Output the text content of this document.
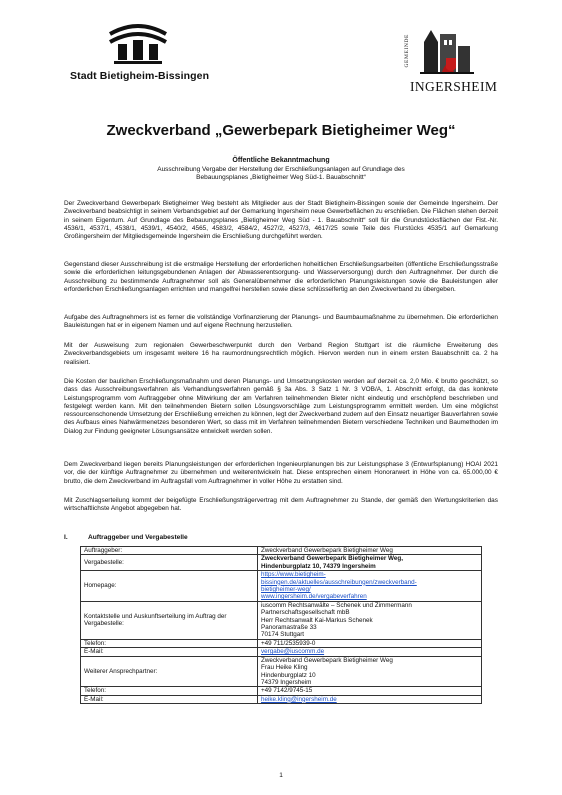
Stadt Bietigheim-Bissingen
GEMEINDE
INGERSHEIM
Zweckverband „Gewerbepark Bietigheimer Weg“
Öffentliche Bekanntmachung
Ausschreibung Vergabe der Herstellung der Erschließungsanlagen auf Grundlage des
Bebauungsplanes „Bietigheimer Weg Süd-1. Bauabschnitt“

Der Zweckverband Gewerbepark Bietigheimer Weg besteht als Mitglieder aus der Stadt Bietigheim-Bissingen sowie der Gemeinde Ingersheim. Der Zweckverband beabsichtigt in seinem Verbandsgebiet auf der Gemarkung Ingersheim neue Gewerbeflächen zu erschließen. Die Flächen stehen derzeit in seinem Eigentum. Auf Grundlage des Bebauungsplanes „Bietigheimer Weg Süd - 1. Bauabschnitt“ soll für die Grundstücksflächen der Flst.-Nr. 4536/1, 4537/1, 4538/1, 4539/1, 4540/2, 4565, 4583/2, 4584/2, 4527/2, 4527/3, 4617/25 sowie Teile des Flurstücks 4535/1 auf Gemarkung Großingersheim der Mitgliedsgemeinde Ingersheim die Erschließung durchgeführt werden.

Gegenstand dieser Ausschreibung ist die erstmalige Herstellung der erforderlichen hoheitlichen Erschließungsarbeiten (öffentliche Erschließungsstraße sowie die erforderlichen leitungsgebundenen Anlagen der Abwasserentsorgung- und Wasserversorgung) durch den Auftragnehmer. Der durch die Ausschreibung zu bestimmende Auftragnehmer soll als Generalübernehmer die erforderlichen Planungsleistungen sowie die Bauleistungen aller erforderlichen Erschließungsanlagen errichten und mangelfrei herstellen sowie diese schlüsselfertig an den Zweckverband zu übergeben.

Aufgabe des Auftragnehmers ist es ferner die vollständige Vorfinanzierung der Planungs- und Baumbaumaßnahme zu übernehmen. Die erforderlichen Bauleistungen hat er in eigenem Namen und auf eigene Rechnung herzustellen.

Mit der Ausweisung zum regionalen Gewerbeschwerpunkt durch den Verband Region Stuttgart ist die räumliche Erweiterung des Zweckverbandsgebiets um insgesamt weitere 16 ha raumordnungsrechtlich möglich. Hiervon werden nun in einem ersten Bauabschnitt ca. 2 ha realisiert.

Die Kosten der baulichen Erschließungsmaßnahm und deren Planungs- und Umsetzungskosten werden auf derzeit ca. 2,0 Mio. € brutto geschätzt, so dass das Ausschreibungsverfahren als Verhandlungsverfahren gemäß § 3a Abs. 3 Satz 1 Nr. 3 VOB/A, 1. Abschnitt erfolgt, da das konkrete Leistungsprogramm vom Auftraggeber ohne Mitwirkung der am Verfahren teilnehmenden Bieter nicht eindeutig und erschöpfend beschrieben und festgelegt werden kann. Mit den teilnehmenden Bietern sollen Lösungsvorschläge zum Leistungsprogramm ermittelt werden. Um eine möglichst ressourcenschonende Umsetzung der Erschließung erreichen zu können, legt der Zweckverband zudem auf den Einsatz neuartiger Bauverfahren sowie des Aufbaus eines Nahwärmenetzes besonderen Wert, so dass mit im Verfahren teilnehmenden Bietern verschiedene Techniken und Baumethoden im Dialog zur Findung geeigneter Lösungsansätze entwickelt werden sollen.

Dem Zweckverband liegen bereits Planungsleistungen der erforderlichen Ingenieurplanungen bis zur Leistungsphase 3 (Entwurfsplanung) HOAI 2021 vor, die der künftige Auftragnehmer zu übernehmen und weiterentwickeln hat. Diese entsprechen einem Honorarwert in Höhe von ca. 65.000,00 € brutto, die dem Zweckverband im Auftragsfall vom Auftragnehmer in voller Höhe zu erstatten sind.

Mit Zuschlagserteilung kommt der beigefügte Erschließungsträgervertrag mit dem Auftragnehmer zu Stande, der gemäß den Wertungskriterien das wirtschaftlichste Angebot abgegeben hat.

I.	Auftraggeber und Vergabestelle
Auftraggeber:	Zweckverband Gewerbepark Bietigheimer Weg

Vergabestelle:	Zweckverband Gewerbepark Bietigheimer Weg,
Hindenburgplatz 10, 74379 Ingersheim

Homepage:	https://www.bietigheim-
bissingen.de/aktuelles/ausschreibungen/zweckverband-
bietigheimer-weg/
www.ingersheim.de/vergabeverfahren

Kontaktstelle und Auskunftserteilung im Auftrag der Vergabestelle:	iuscomm Rechtsanwälte – Schenek und Zimmermann
Partnerschaftsgesellschaft mbB
Herr Rechtsanwalt Kai-Markus Schenek
Panoramastraße 33
70174 Stuttgart

Telefon:	+49 711/2535939-0

E-Mail:	vergabe@iuscomm.de

Weiterer Ansprechpartner:	Zweckverband Gewerbepark Bietigheimer Weg
Frau Heike Kling
Hindenburgplatz 10
74379 Ingersheim

Telefon:	+49 7142/9745-15

E-Mail:	heike.kling@ingersheim.de
1
